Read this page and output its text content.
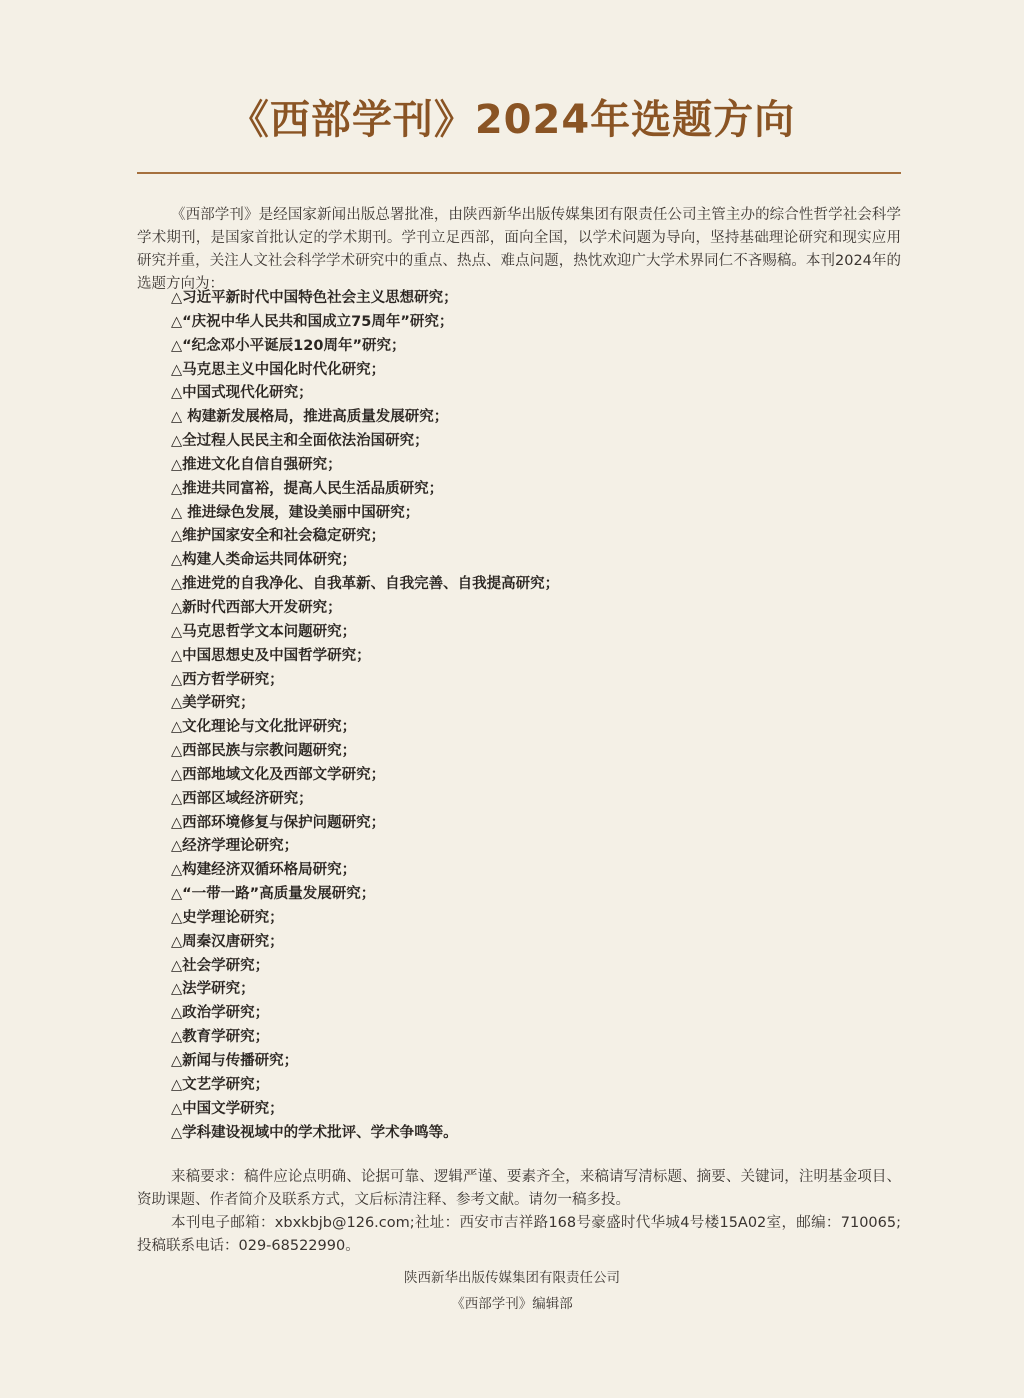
《西部学刊》2024年选题方向

《西部学刊》是经国家新闻出版总署批准，由陕西新华出版传媒集团有限责任公司主管主办的综合性哲学社会科学学术期刊，是国家首批认定的学术期刊。学刊立足西部，面向全国，以学术问题为导向，坚持基础理论研究和现实应用研究并重，关注人文社会科学学术研究中的重点、热点、难点问题，热忱欢迎广大学术界同仁不吝赐稿。本刊2024年的选题方向为：

△习近平新时代中国特色社会主义思想研究；
△“庆祝中华人民共和国成立75周年”研究；
△“纪念邓小平诞辰120周年”研究；
△马克思主义中国化时代化研究；
△中国式现代化研究；
△ 构建新发展格局，推进高质量发展研究；
△全过程人民民主和全面依法治国研究；
△推进文化自信自强研究；
△推进共同富裕，提高人民生活品质研究；
△ 推进绿色发展，建设美丽中国研究；
△维护国家安全和社会稳定研究；
△构建人类命运共同体研究；
△推进党的自我净化、自我革新、自我完善、自我提高研究；
△新时代西部大开发研究；
△马克思哲学文本问题研究；
△中国思想史及中国哲学研究；
△西方哲学研究；
△美学研究；
△文化理论与文化批评研究；
△西部民族与宗教问题研究；
△西部地域文化及西部文学研究；
△西部区域经济研究；
△西部环境修复与保护问题研究；
△经济学理论研究；
△构建经济双循环格局研究；
△“一带一路”高质量发展研究；
△史学理论研究；
△周秦汉唐研究；
△社会学研究；
△法学研究；
△政治学研究；
△教育学研究；
△新闻与传播研究；
△文艺学研究；
△中国文学研究；
△学科建设视域中的学术批评、学术争鸣等。

来稿要求：稿件应论点明确、论据可靠、逻辑严谨、要素齐全，来稿请写清标题、摘要、关键词，注明基金项目、资助课题、作者简介及联系方式，文后标清注释、参考文献。请勿一稿多投。

本刊电子邮箱：xbxkbjb@126.com;社址：西安市吉祥路168号豪盛时代华城4号楼15A02室，邮编：710065;投稿联系电话：029-68522990。

陕西新华出版传媒集团有限责任公司
《西部学刊》编辑部
